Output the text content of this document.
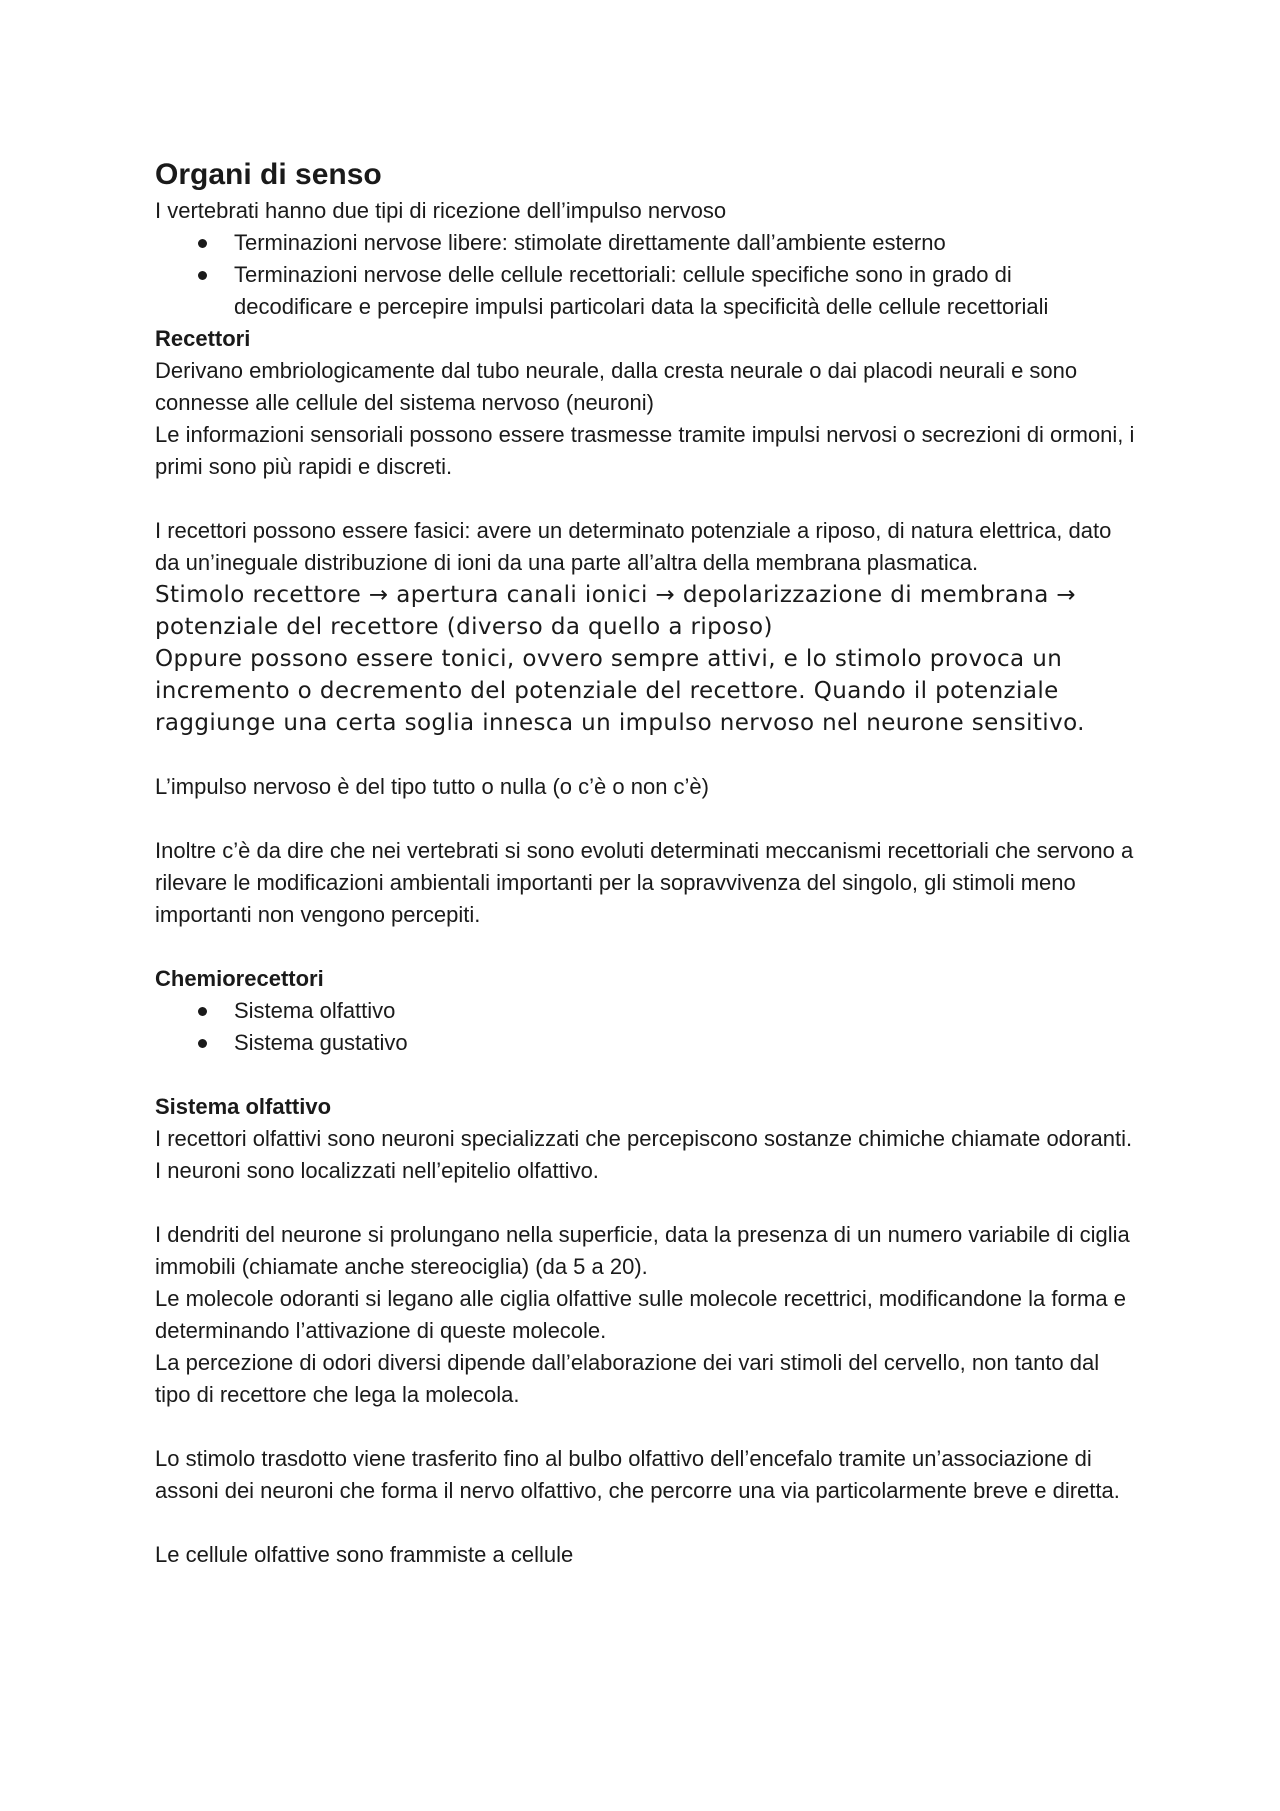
Organi di senso

I vertebrati hanno due tipi di ricezione dell’impulso nervoso

Terminazioni nervose libere: stimolate direttamente dall’ambiente esterno
Terminazioni nervose delle cellule recettoriali: cellule specifiche sono in grado di decodificare e percepire impulsi particolari data la specificità delle cellule recettoriali

Recettori

Derivano embriologicamente dal tubo neurale, dalla cresta neurale o dai placodi neurali e sono connesse alle cellule del sistema nervoso (neuroni)

Le informazioni sensoriali possono essere trasmesse tramite impulsi nervosi o secrezioni di ormoni, i primi sono più rapidi e discreti.

I recettori possono essere fasici: avere un determinato potenziale a riposo, di natura elettrica, dato da un’ineguale distribuzione di ioni da una parte all’altra della membrana plasmatica.

Stimolo recettore → apertura canali ionici → depolarizzazione di membrana → potenziale del recettore (diverso da quello a riposo)

Oppure possono essere tonici, ovvero sempre attivi, e lo stimolo provoca un incremento o decremento del potenziale del recettore. Quando il potenziale raggiunge una certa soglia innesca un impulso nervoso nel neurone sensitivo.

L’impulso nervoso è del tipo tutto o nulla (o c’è o non c’è)

Inoltre c’è da dire che nei vertebrati si sono evoluti determinati meccanismi recettoriali che servono a rilevare le modificazioni ambientali importanti per la sopravvivenza del singolo, gli stimoli meno importanti non vengono percepiti.

Chemiorecettori

Sistema olfattivo
Sistema gustativo

Sistema olfattivo

I recettori olfattivi sono neuroni specializzati che percepiscono sostanze chimiche chiamate odoranti.

I neuroni sono localizzati nell’epitelio olfattivo.

I dendriti del neurone si prolungano nella superficie, data la presenza di un numero variabile di ciglia immobili (chiamate anche stereociglia) (da 5 a 20).

Le molecole odoranti si legano alle ciglia olfattive sulle molecole recettrici, modificandone la forma e determinando l’attivazione di queste molecole.

La percezione di odori diversi dipende dall’elaborazione dei vari stimoli del cervello, non tanto dal tipo di recettore che lega la molecola.

Lo stimolo trasdotto viene trasferito fino al bulbo olfattivo dell’encefalo tramite un’associazione di assoni dei neuroni che forma il nervo olfattivo, che percorre una via particolarmente breve e diretta.

Le cellule olfattive sono frammiste a cellule
